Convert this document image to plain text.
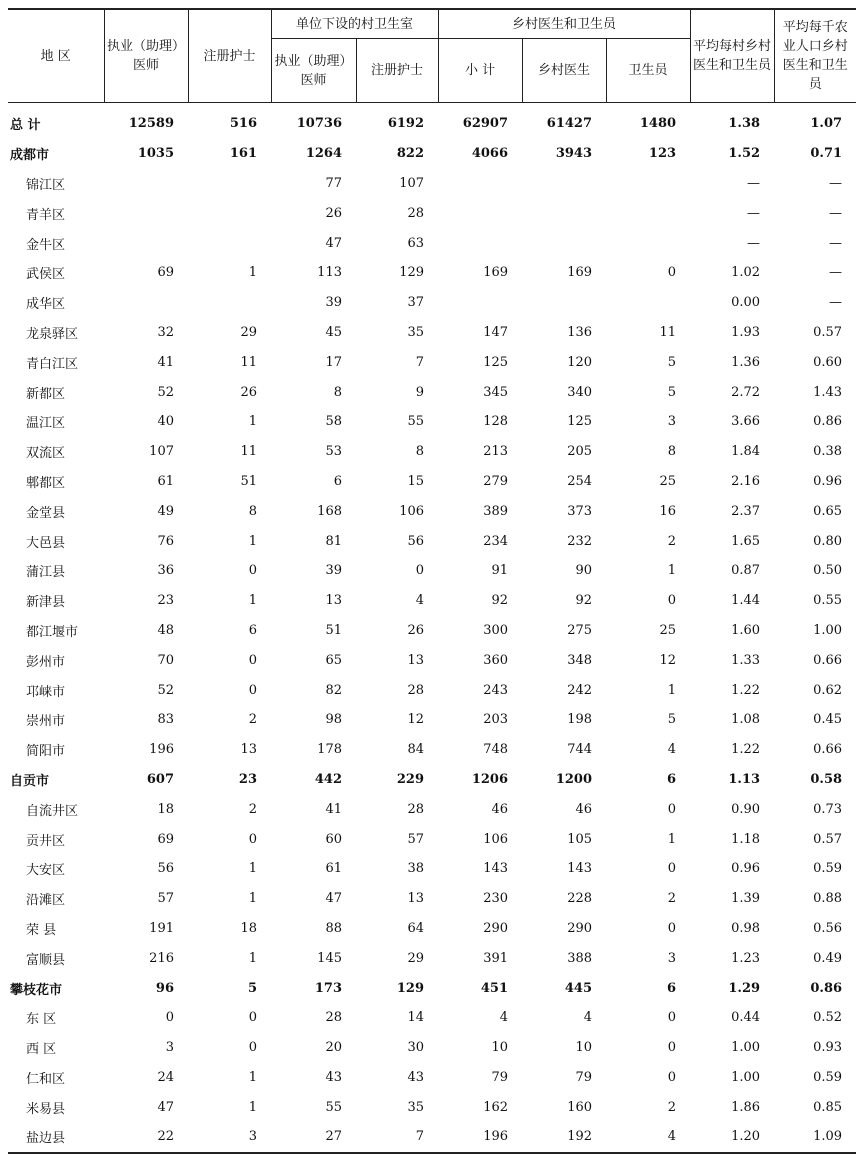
地 区	执业（助理）医师	注册护士	单位下设的村卫生室		乡村医生和卫生员			平均每村乡村医生和卫生员	平均每千农业人口乡村医生和卫生员
			执业（助理）医师	注册护士	小 计	乡村医生	卫生员		
总 计	12589	516	10736	6192	62907	61427	1480	1.38	1.07
成都市	1035	161	1264	822	4066	3943	123	1.52	0.71
锦江区			77	107				—	—
青羊区			26	28				—	—
金牛区			47	63				—	—
武侯区	69	1	113	129	169	169	0	1.02	—
成华区			39	37				0.00	—
龙泉驿区	32	29	45	35	147	136	11	1.93	0.57
青白江区	41	11	17	7	125	120	5	1.36	0.60
新都区	52	26	8	9	345	340	5	2.72	1.43
温江区	40	1	58	55	128	125	3	3.66	0.86
双流区	107	11	53	8	213	205	8	1.84	0.38
郫都区	61	51	6	15	279	254	25	2.16	0.96
金堂县	49	8	168	106	389	373	16	2.37	0.65
大邑县	76	1	81	56	234	232	2	1.65	0.80
蒲江县	36	0	39	0	91	90	1	0.87	0.50
新津县	23	1	13	4	92	92	0	1.44	0.55
都江堰市	48	6	51	26	300	275	25	1.60	1.00
彭州市	70	0	65	13	360	348	12	1.33	0.66
邛崃市	52	0	82	28	243	242	1	1.22	0.62
崇州市	83	2	98	12	203	198	5	1.08	0.45
简阳市	196	13	178	84	748	744	4	1.22	0.66
自贡市	607	23	442	229	1206	1200	6	1.13	0.58
自流井区	18	2	41	28	46	46	0	0.90	0.73
贡井区	69	0	60	57	106	105	1	1.18	0.57
大安区	56	1	61	38	143	143	0	0.96	0.59
沿滩区	57	1	47	13	230	228	2	1.39	0.88
荣 县	191	18	88	64	290	290	0	0.98	0.56
富顺县	216	1	145	29	391	388	3	1.23	0.49
攀枝花市	96	5	173	129	451	445	6	1.29	0.86
东 区	0	0	28	14	4	4	0	0.44	0.52
西 区	3	0	20	30	10	10	0	1.00	0.93
仁和区	24	1	43	43	79	79	0	1.00	0.59
米易县	47	1	55	35	162	160	2	1.86	0.85
盐边县	22	3	27	7	196	192	4	1.20	1.09
